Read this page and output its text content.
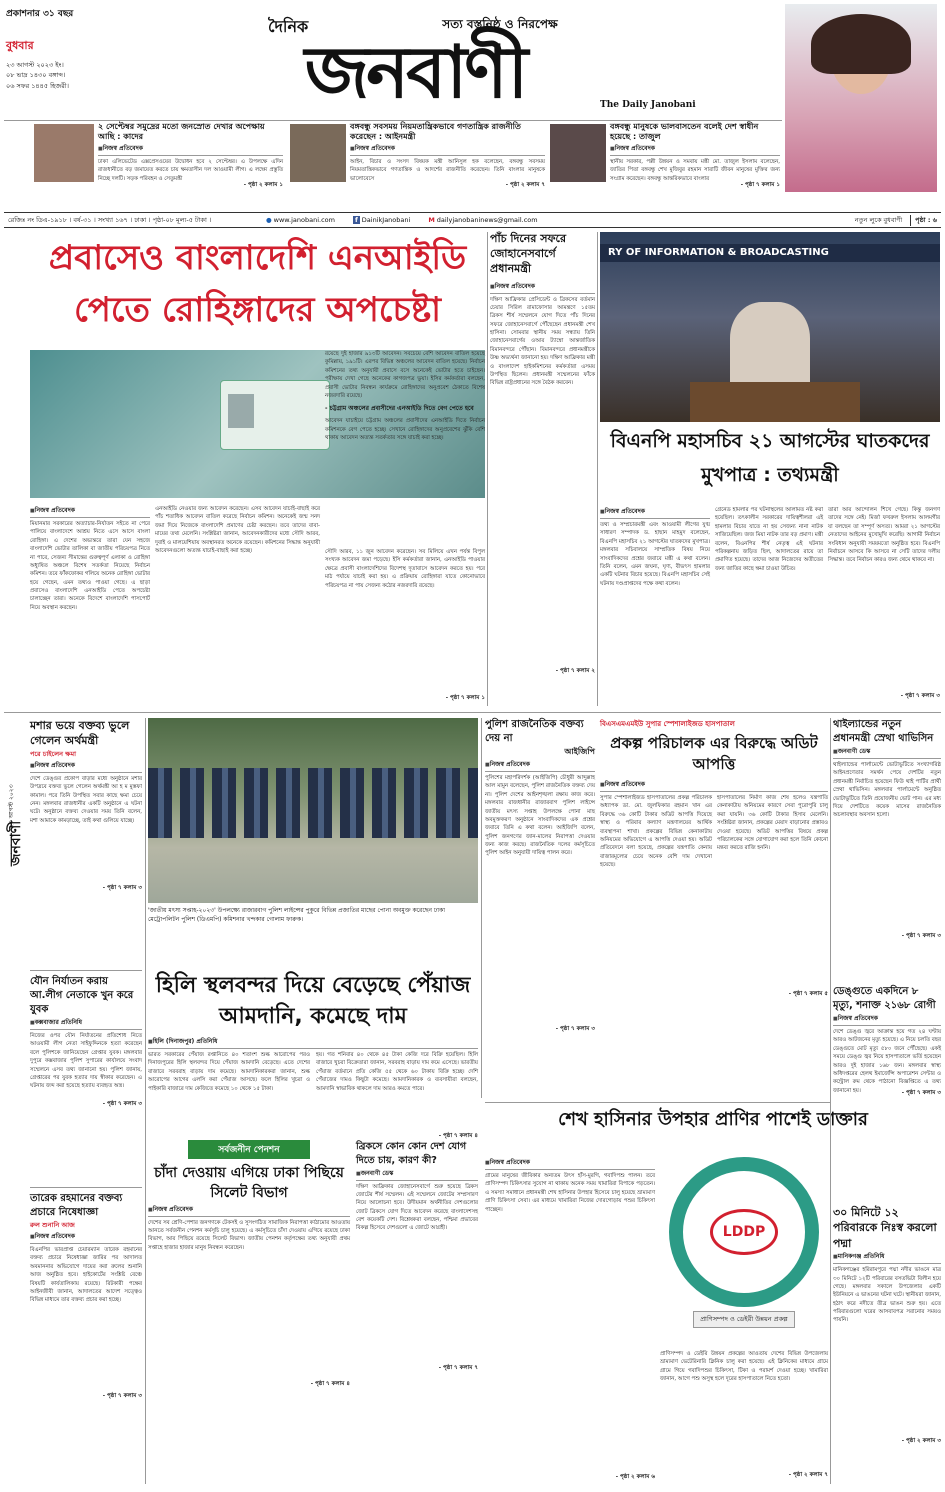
প্রকাশনার ৩১ বছর
বুধবার
২৩ আগস্ট ২০২৩ ইং।
০৮ ভাদ্র ১৪৩০ বঙ্গাব্দ।
০৬ সফর ১৪৪৫ হিজরী।
দৈনিক	সত্য বস্তুনিষ্ঠ ও নিরপেক্ষ
জনবাণী	The Daily Janobani
২ সেপ্টেম্বর সমুদ্রের মতো জনস্রোত দেখার অপেক্ষায় আছি : কাদের
■ নিজস্ব প্রতিবেদক
ঢাকা এলিভেটেড এক্সপ্রেসওয়ের উদ্বোধন হবে ২ সেপ্টেম্বর। এ উপলক্ষে এদিন রাজধানীতে বড় জমায়েত করতে চায় ক্ষমতাসীন দল আওয়ামী লীগ। এ লক্ষ্যে প্রস্তুতি নিচ্ছে দলটি। সড়ক পরিবহন ও সেতুমন্ত্রী
- পৃষ্ঠা ২ কলাম ১
বঙ্গবন্ধু সবসময় নিয়মতান্ত্রিকভাবে গণতান্ত্রিক রাজনীতি করেছেন : আইনমন্ত্রী
■ নিজস্ব প্রতিবেদক
আইন, বিচার ও সংসদ বিষয়ক মন্ত্রী আনিসুল হক বলেছেন, বঙ্গবন্ধু সবসময় নিয়মতান্ত্রিকভাবে গণতান্ত্রিক ও আদর্শের রাজনীতি করেছেন। তিনি বাংলার মানুষকে ভালোবেসে
- পৃষ্ঠা ২ কলাম ৭
বঙ্গবন্ধু মানুষকে ভালবাসতেন বলেই দেশ স্বাধীন হয়েছে : তাজুল
■ নিজস্ব প্রতিবেদক
স্থানীয় সরকার, পল্লী উন্নয়ন ও সমবায় মন্ত্রী মো. তাজুল ইসলাম বলেছেন, জাতির পিতা বঙ্গবন্ধু শেখ মুজিবুর রহমান সারাটি জীবন মানুষের মুক্তির জন্য সংগ্রাম করেছেন। বঙ্গবন্ধু আন্তরিকভাবে বাংলার
- পৃষ্ঠা ৭ কলাম ১
রেজিঃ নং ডিএ-১৯১৮ । বর্ষ-৩১ । সংখ্যা ১৬৭ । ঢাকা । পৃষ্ঠা-০৮ মূল্য-৫ টাকা ।	● www.janobani.com	f DainikJanobani	M dailyjanobaninews@gmail.com	নতুন লুকে বুধবাণী	পৃষ্ঠা : ৬
প্রবাসেও বাংলাদেশি এনআইডি পেতে রোহিঙ্গাদের অপচেষ্টা
■ নিজস্ব প্রতিবেদক
মিয়ানমার সরকারের অত্যাচার-নির্যাতন সইতে না পেরে পালিয়ে বাংলাদেশে আশ্রয় নিতে এসে আসে বাংলা রোহিঙ্গা। এ দেশের অভ্যন্তরে তারা যেন সহজে বাংলাদেশি ভোটার তালিকা বা জাতীয় পরিচয়পত্র নিতে না পারে, সেজন্য সীমান্তের গুরুত্বপূর্ণ এলাকা ও রোহিঙ্গা অধ্যুষিত অঞ্চলে বিশেষ সতর্কতা নিয়েছে নির্বাচন কমিশন। তবে ফাঁকফোকর গলিয়ে অনেক রোহিঙ্গা ভোটার হয়ে গেছেন, এমন তথ্যও পাওয়া গেছে। এ ছাড়া প্রবাসেও বাংলাদেশি এনআইডি পেতে অপচেষ্টা চালাচ্ছেন তারা। অনেকে বিদেশে বাংলাদেশি পাসপোর্ট নিয়ে অবস্থান করছেন।
এনআইডি নেওয়ার জন্য আবেদন করেছেন। এসব আবেদন যাচাই-বাছাই করে পাঁচ শতাধিক আবেদন বাতিল করেছে নির্বাচন কমিশন। অনেকেই জন্ম সনদ জমা দিয়ে নিজেকে বাংলাদেশি প্রমাণের চেষ্টা করছেন। তবে তাদের বাবা-মায়ের তথ্য মেলেনি। সংশ্লিষ্টরা জানান, আবেদনকারীদের মধ্যে সৌদি আরব, দুবাই ও মালয়েশিয়ায় অবস্থানরত অনেকে রয়েছেন। কমিশনের সিদ্ধান্ত অনুযায়ী আবেদনগুলো অত্যন্ত যাচাই-বাছাই করা হচ্ছে।
রয়েছে দুই হাজার ৯১৩টি আবেদন। সবচেয়ে বেশি আবেদন বাতিল হয়েছে কুমিল্লায়, ১৯১টি। এরপর বিভিন্ন অঞ্চলের আবেদন বাতিল হয়েছে। নির্বাচন কমিশনের তথ্য অনুযায়ী প্রবাসে বসে অনেকেই ভোটার হতে চাইছেন। পরীক্ষায় দেখা গেছে অনেকের কাগজপত্র ভুয়া। ইসির কর্মকর্তারা বলছেন, প্রবাসী ভোটার নিবন্ধন কার্যক্রমে রোহিঙ্গাদের অনুপ্রবেশ ঠেকাতে বিশেষ নজরদারি রয়েছে।
- চট্টগ্রাম অঞ্চলের প্রবাসীদের এনআইডি দিতে বেগ পেতে হবে
আবেদন যাচাইয়ে চট্টগ্রাম অঞ্চলের প্রবাসীদের এনআইডি দিতে নির্বাচন কমিশনকে বেগ পেতে হচ্ছে। সেখানে রোহিঙ্গাদের অনুপ্রবেশের ঝুঁকি বেশি থাকায় আবেদন অত্যন্ত সতর্কতার সঙ্গে যাচাই করা হচ্ছে।
সৌদি আরব, ১১ জুন আবেদন করেছেন। সব মিলিয়ে এখন পর্যন্ত বিপুল সংখ্যক আবেদন জমা পড়েছে। ইসি কর্মকর্তারা জানান, এনআইডি পাওয়ার ক্ষেত্রে প্রবাসী বাংলাদেশিদের বিদেশস্থ দূতাবাসে আবেদন করতে হয়। পরে মাঠ পর্যায়ে যাচাই করা হয়। এ প্রক্রিয়ায় রোহিঙ্গারা যাতে কোনোভাবে পরিচয়পত্র না পায় সেজন্য কঠোর নজরদারি রয়েছে।
- পৃষ্ঠা ৭ কলাম ১
পাঁচ দিনের সফরে জোহানেসবার্গে প্রধানমন্ত্রী
■ নিজস্ব প্রতিবেদক
দক্ষিণ আফ্রিকার প্রেসিডেন্ট ও ব্রিকসের বর্তমান চেয়ার সিরিল রামাফোসার আমন্ত্রণে ১৫তম ব্রিকস শীর্ষ সম্মেলনে যোগ দিতে পাঁচ দিনের সফরে জোহানেসবার্গে পৌঁছেছেন প্রধানমন্ত্রী শেখ হাসিনা। সোমবার স্থানীয় সময় সন্ধ্যায় তিনি জোহানেসবার্গের ওআর ট্যাম্বো আন্তর্জাতিক বিমানবন্দরে পৌঁছান। বিমানবন্দরে প্রধানমন্ত্রীকে উষ্ণ অভ্যর্থনা জানানো হয়। দক্ষিণ আফ্রিকার মন্ত্রী ও বাংলাদেশ হাইকমিশনের কর্মকর্তারা এসময় উপস্থিত ছিলেন। প্রধানমন্ত্রী সম্মেলনের ফাঁকে বিভিন্ন রাষ্ট্রপ্রধানের সঙ্গে বৈঠক করবেন।
- পৃষ্ঠা ৭ কলাম ২
RY OF INFORMATION & BROADCASTING
বিএনপি মহাসচিব ২১ আগস্টের ঘাতকদের মুখপাত্র : তথ্যমন্ত্রী
■ নিজস্ব প্রতিবেদক
তথ্য ও সম্প্রচারমন্ত্রী এবং আওয়ামী লীগের যুগ্ম সাধারণ সম্পাদক ড. হাছান মাহমুদ বলেছেন, বিএনপি মহাসচিব ২১ আগস্টের ঘাতকদের মুখপাত্র। মঙ্গলবার সচিবালয়ে সাম্প্রতিক বিষয় নিয়ে সাংবাদিকদের প্রশ্নের জবাবে মন্ত্রী এ কথা বলেন। তিনি বলেন, এমন জঘন্য, ঘৃণ্য, বীভৎস হামলার একটি ঘটনার বিচার হয়েছে। বিএনপি মহাসচিব সেই ঘটনায় দণ্ডপ্রাপ্তদের পক্ষে কথা বলেন।
গ্রেনেড হামলার পর ঘটনাস্থলের আলামত নষ্ট করা হয়েছিল। তৎকালীন সরকারের দায়িত্বশীলরা এই হামলার বিচার যাতে না হয় সেজন্য নানা নাটক সাজিয়েছিল। জজ মিয়া নাটক তার বড় প্রমাণ। মন্ত্রী বলেন, বিএনপির শীর্ষ নেতৃত্ব এই ঘটনার পরিকল্পনায় জড়িত ছিল, আদালতের রায়ে তা প্রমাণিত হয়েছে। তাদের আজ নিজেদের অতীতের জন্য জাতির কাছে ক্ষমা চাওয়া উচিত।
তারা আর আন্দোলন শিখে গেছে। কিন্তু জনগণ তাদের সঙ্গে নেই। মির্জা ফখরুল ইসলাম আলমগীর যা বলছেন তা সম্পূর্ণ অসত্য। আমরা ২১ আগস্টের নেতাদের আইনের মুখোমুখি করেছি। আগামী নির্বাচন সংবিধান অনুযায়ী সময়মতো অনুষ্ঠিত হবে। বিএনপি নির্বাচনে আসবে কি আসবে না সেটি তাদের দলীয় সিদ্ধান্ত। তবে নির্বাচন কারও জন্য থেমে থাকবে না।
- পৃষ্ঠা ৭ কলাম ৩
২৩ আগস্ট ২০২৩
জনবাণী
মশার ভয়ে বক্তব্য ভুলে গেলেন অর্থমন্ত্রী
পরে চাইলেন ক্ষমা
■ নিজস্ব প্রতিবেদক
দেশে ডেঙ্গুর প্রকোপ বাড়ার মধ্যে অনুষ্ঠানে মশার উপদ্রবে বক্তব্য ভুলে গেলেন অর্থমন্ত্রী আ হ ম মুস্তফা কামাল। পরে তিনি উপস্থিত সবার কাছে ক্ষমা চেয়ে নেন। মঙ্গলবার রাজধানীর একটি অনুষ্ঠানে এ ঘটনা ঘটে। অনুষ্ঠানে বক্তব্য দেওয়ার সময় তিনি বলেন, মশা আমাকে কামড়াচ্ছে, তাই কথা গুলিয়ে যাচ্ছে।
- পৃষ্ঠা ৭ কলাম ৩
'জাতীয় মৎস্য সপ্তাহ-২০২৩' উপলক্ষ্যে রাজারবাগ পুলিশ লাইন্সের পুকুরে বিভিন্ন প্রজাতির মাছের পোনা অবমুক্ত করেছেন ঢাকা মেট্রোপলিটন পুলিশ (ডিএমপি) কমিশনার খন্দকার গোলাম ফারুক।
পুলিশ রাজনৈতিক বক্তব্য দেয় না
আইজিপি
■ নিজস্ব প্রতিবেদক
পুলিশের মহাপরিদর্শক (আইজিপি) চৌধুরী আব্দুল্লাহ আল মামুন বলেছেন, পুলিশ রাজনৈতিক বক্তব্য দেয় না। পুলিশ দেশের আইনশৃঙ্খলা রক্ষায় কাজ করে। মঙ্গলবার রাজধানীর রাজারবাগ পুলিশ লাইন্সে জাতীয় মৎস্য সপ্তাহ উপলক্ষে পোনা মাছ অবমুক্তকরণ অনুষ্ঠানে সাংবাদিকদের এক প্রশ্নের জবাবে তিনি এ কথা বলেন। আইজিপি বলেন, পুলিশ জনগণের জান-মালের নিরাপত্তা দেওয়ার জন্য কাজ করছে। রাজনৈতিক দলের কর্মসূচিতে পুলিশ আইন অনুযায়ী দায়িত্ব পালন করে।
- পৃষ্ঠা ৭ কলাম ৩
বিএসএমএমইউ সুপার স্পেশালাইজড হাসপাতাল
প্রকল্প পরিচালক এর বিরুদ্ধে অডিট আপত্তি
■ নিজস্ব প্রতিবেদক
সুপার স্পেশালাইজড হাসপাতালের প্রকল্প পরিচালক অধ্যাপক ডা. মো. জুলফিকার রহমান খান এর বিরুদ্ধে ৩৬ কোটি টাকার অডিট আপত্তি দিয়েছে স্বাস্থ্য ও পরিবার কল্যাণ মন্ত্রণালয়ের আর্থিক ব্যবস্থাপনা শাখা। প্রকল্পের বিভিন্ন কেনাকাটায় অনিয়মের অভিযোগে এ আপত্তি দেওয়া হয়। অডিট প্রতিবেদনে বলা হয়েছে, প্রকল্পের যন্ত্রপাতি কেনায় বাজারমূল্যের চেয়ে অনেক বেশি দাম দেখানো হয়েছে।
হাসপাতালের নির্মাণ কাজ শেষ হলেও যন্ত্রপাতি কেনাকাটায় অনিয়মের কারণে সেবা পুরোপুরি চালু করা যায়নি। ৩৬ কোটি টাকার হিসাব মেলেনি। সংশ্লিষ্টরা জানান, প্রকল্পের মেয়াদ বাড়ানোর প্রস্তাবও দেওয়া হয়েছে। অডিট আপত্তির বিষয়ে প্রকল্প পরিচালকের সঙ্গে যোগাযোগ করা হলে তিনি কোনো মন্তব্য করতে রাজি হননি।
- পৃষ্ঠা ৭ কলাম ৫
থাইল্যান্ডের নতুন প্রধানমন্ত্রী স্রেথা থাভিসিন
■ জনবাণী ডেস্ক
থাইল্যান্ডের পার্লামেন্টে ভোটাভুটিতে সংখ্যাগরিষ্ঠ আইনপ্রণেতার সমর্থন পেয়ে দেশটির নতুন প্রধানমন্ত্রী নির্বাচিত হয়েছেন ফিউ থাই পার্টির প্রার্থী স্রেথা থাভিসিন। মঙ্গলবার পার্লামেন্টে অনুষ্ঠিত ভোটাভুটিতে তিনি প্রয়োজনীয় ভোট পান। এর মধ্য দিয়ে দেশটিতে কয়েক মাসের রাজনৈতিক অচলাবস্থার অবসান হলো।
- পৃষ্ঠা ৭ কলাম ৩
যৌন নির্যাতন করায় আ.লীগ নেতাকে খুন করে যুবক
■ কক্সবাজার প্রতিনিধি
নিজের ওপর যৌন নির্যাতনের প্রতিশোধ নিতে আওয়ামী লীগ নেতা সাইফুদ্দিনকে হত্যা করেছেন বলে পুলিশকে জানিয়েছেন গ্রেপ্তার যুবক। মঙ্গলবার দুপুরে কক্সবাজার পুলিশ সুপারের কার্যালয়ে সংবাদ সম্মেলনে এসব তথ্য জানানো হয়। পুলিশ জানায়, গ্রেপ্তারের পর যুবক হত্যার দায় স্বীকার করেছেন। এ ঘটনায় জব্দ করা হয়েছে হত্যায় ব্যবহৃত অস্ত্র।
- পৃষ্ঠা ৭ কলাম ৩
হিলি স্থলবন্দর দিয়ে বেড়েছে পেঁয়াজ আমদানি, কমেছে দাম
■ হিলি (দিনাজপুর) প্রতিনিধি
ভারত সরকারের পেঁয়াজ রপ্তানিতে ৪০ শতাংশ শুল্ক আরোপের পরও দিনাজপুরের হিলি স্থলবন্দর দিয়ে পেঁয়াজ আমদানি বেড়েছে। এতে দেশের বাজারে সরবরাহ বাড়ায় দাম কমেছে। আমদানিকারকরা জানান, শুল্ক আরোপের আগের এলসি করা পেঁয়াজ আসছে। ফলে হিলির খুচরা ও পাইকারি বাজারে দাম কেজিতে কমেছে ১০ থেকে ১৫ টাকা।
হয়। গত শনিবার ৪০ থেকে ৪৫ টাকা কেজি দরে বিক্রি হয়েছিল। হিলি বাজারে খুচরা বিক্রেতারা জানান, সরবরাহ বাড়ায় দাম কমে এসেছে। ভারতীয় পেঁয়াজ বর্তমানে প্রতি কেজি ৫৫ থেকে ৬০ টাকায় বিক্রি হচ্ছে। দেশি পেঁয়াজের দামও কিছুটা কমেছে। আমদানিকারক ও ব্যবসায়ীরা বলছেন, আমদানি স্বাভাবিক থাকলে দাম আরও কমতে পারে।
- পৃষ্ঠা ৭ কলাম ৪
শেখ হাসিনার উপহার প্রাণির পাশেই ডাক্তার
ডেঙ্গুতে একদিনে ৮ মৃত্যু, শনাক্ত ২১৬৮ রোগী
■ নিজস্ব প্রতিবেদক
দেশে ডেঙ্গু জ্বরে আক্রান্ত হয়ে গত ২৪ ঘণ্টায় আরও আটজনের মৃত্যু হয়েছে। এ নিয়ে চলতি বছর ডেঙ্গুতে মোট মৃত্যু ৫৮০ জনে পৌঁছেছে। একই সময়ে ডেঙ্গু জ্বর নিয়ে হাসপাতালে ভর্তি হয়েছেন আরও দুই হাজার ১৬৮ জন। মঙ্গলবার স্বাস্থ্য অধিদপ্তরের হেলথ ইমার্জেন্সি অপারেশন সেন্টার ও কন্ট্রোল রুম থেকে পাঠানো বিজ্ঞপ্তিতে এ তথ্য জানানো হয়।	- পৃষ্ঠা ৭ কলাম ৩
সর্বজনীন পেনশন
চাঁদা দেওয়ায় এগিয়ে ঢাকা পিছিয়ে সিলেট বিভাগ
■ নিজস্ব প্রতিবেদক
দেশের সব শ্রেণি-পেশার জনগণকে টেকসই ও সুসংগঠিত সামাজিক নিরাপত্তা কাঠামোর আওতায় আনতে সর্বজনীন পেনশন কর্মসূচি চালু হয়েছে। এ কর্মসূচিতে চাঁদা দেওয়ায় এগিয়ে রয়েছে ঢাকা বিভাগ, আর পিছিয়ে রয়েছে সিলেট বিভাগ। জাতীয় পেনশন কর্তৃপক্ষের তথ্য অনুযায়ী প্রথম সপ্তাহে হাজার হাজার মানুষ নিবন্ধন করেছেন।
- পৃষ্ঠা ৭ কলাম ৪
ব্রিকসে কোন কোন দেশ যোগ দিতে চায়, কারণ কী?
■ জনবাণী ডেস্ক
দক্ষিণ আফ্রিকার জোহানেসবার্গে শুরু হয়েছে ব্রিকস জোটের শীর্ষ সম্মেলন। এই সম্মেলনে জোটের সম্প্রসারণ নিয়ে আলোচনা হবে। উদীয়মান অর্থনীতির দেশগুলোর জোট ব্রিকসে যোগ দিতে আবেদন করেছে বাংলাদেশসহ বেশ কয়েকটি দেশ। বিশ্লেষকরা বলছেন, পশ্চিমা প্রভাবের বিকল্প হিসেবে দেশগুলো এ জোটে আগ্রহী।
- পৃষ্ঠা ৭ কলাম ৭
তারেক রহমানের বক্তব্য প্রচারে নিষেধাজ্ঞা
রুল শুনানি আজ
■ নিজস্ব প্রতিবেদক
বিএনপির ভারপ্রাপ্ত চেয়ারম্যান তারেক রহমানের বক্তব্য প্রচারে নিষেধাজ্ঞা জারির পর আদালত অবমাননার অভিযোগে দায়ের করা রুলের শুনানি আজ অনুষ্ঠিত হবে। হাইকোর্টের সংশ্লিষ্ট বেঞ্চে বিষয়টি কার্যতালিকায় রয়েছে। রিটকারী পক্ষের আইনজীবী জানান, আদালতের আদেশ সত্ত্বেও বিভিন্ন মাধ্যমে তার বক্তব্য প্রচার করা হচ্ছে।
- পৃষ্ঠা ৭ কলাম ৩
■ নিজস্ব প্রতিবেদক
গ্রামের মানুষের জীবিকার অন্যতম উৎস হাঁস-মুরগি, গবাদিপশু পালন। তবে প্রাণিসম্পদ চিকিৎসার সুযোগ না থাকায় অনেক সময় খামারিরা বিপাকে পড়তেন। এ সমস্যা সমাধানে প্রধানমন্ত্রী শেখ হাসিনার উপহার হিসেবে চালু হয়েছে ভ্রাম্যমাণ প্রাণি চিকিৎসা সেবা। এর মাধ্যমে খামারিরা নিজের দোরগোড়ায় পশুর চিকিৎসা পাচ্ছেন।
- পৃষ্ঠা ২ কলাম ৬
LDDP
প্রাণিসম্পদ ও ডেইরী উন্নয়ন প্রকল্প
প্রাণিসম্পদ ও ডেইরি উন্নয়ন প্রকল্পের আওতায় দেশের বিভিন্ন উপজেলায় ভ্রাম্যমাণ ভেটেরিনারি ক্লিনিক চালু করা হয়েছে। এই ক্লিনিকের মাধ্যমে গ্রামে গ্রামে গিয়ে গবাদিপশুর চিকিৎসা, টিকা ও পরামর্শ দেওয়া হচ্ছে। খামারিরা জানান, আগে পশু অসুস্থ হলে দূরের হাসপাতালে নিতে হতো।
- পৃষ্ঠা ২ কলাম ৭
৩০ মিনিটে ১২ পরিবারকে নিঃস্ব করলো পদ্মা
■ মানিকগঞ্জ প্রতিনিধি
মানিকগঞ্জের হরিরামপুরে পদ্মা নদীর ভাঙনে মাত্র ৩০ মিনিটে ১২টি পরিবারের বসতভিটা বিলীন হয়ে গেছে। মঙ্গলবার সকালে উপজেলার একটি ইউনিয়নে এ ভাঙনের ঘটনা ঘটে। স্থানীয়রা জানান, হঠাৎ করে নদীতে তীব্র ভাঙন শুরু হয়। এতে পরিবারগুলো ঘরের আসবাবপত্র সরানোর সময়ও পায়নি।
- পৃষ্ঠা ২ কলাম ৩
